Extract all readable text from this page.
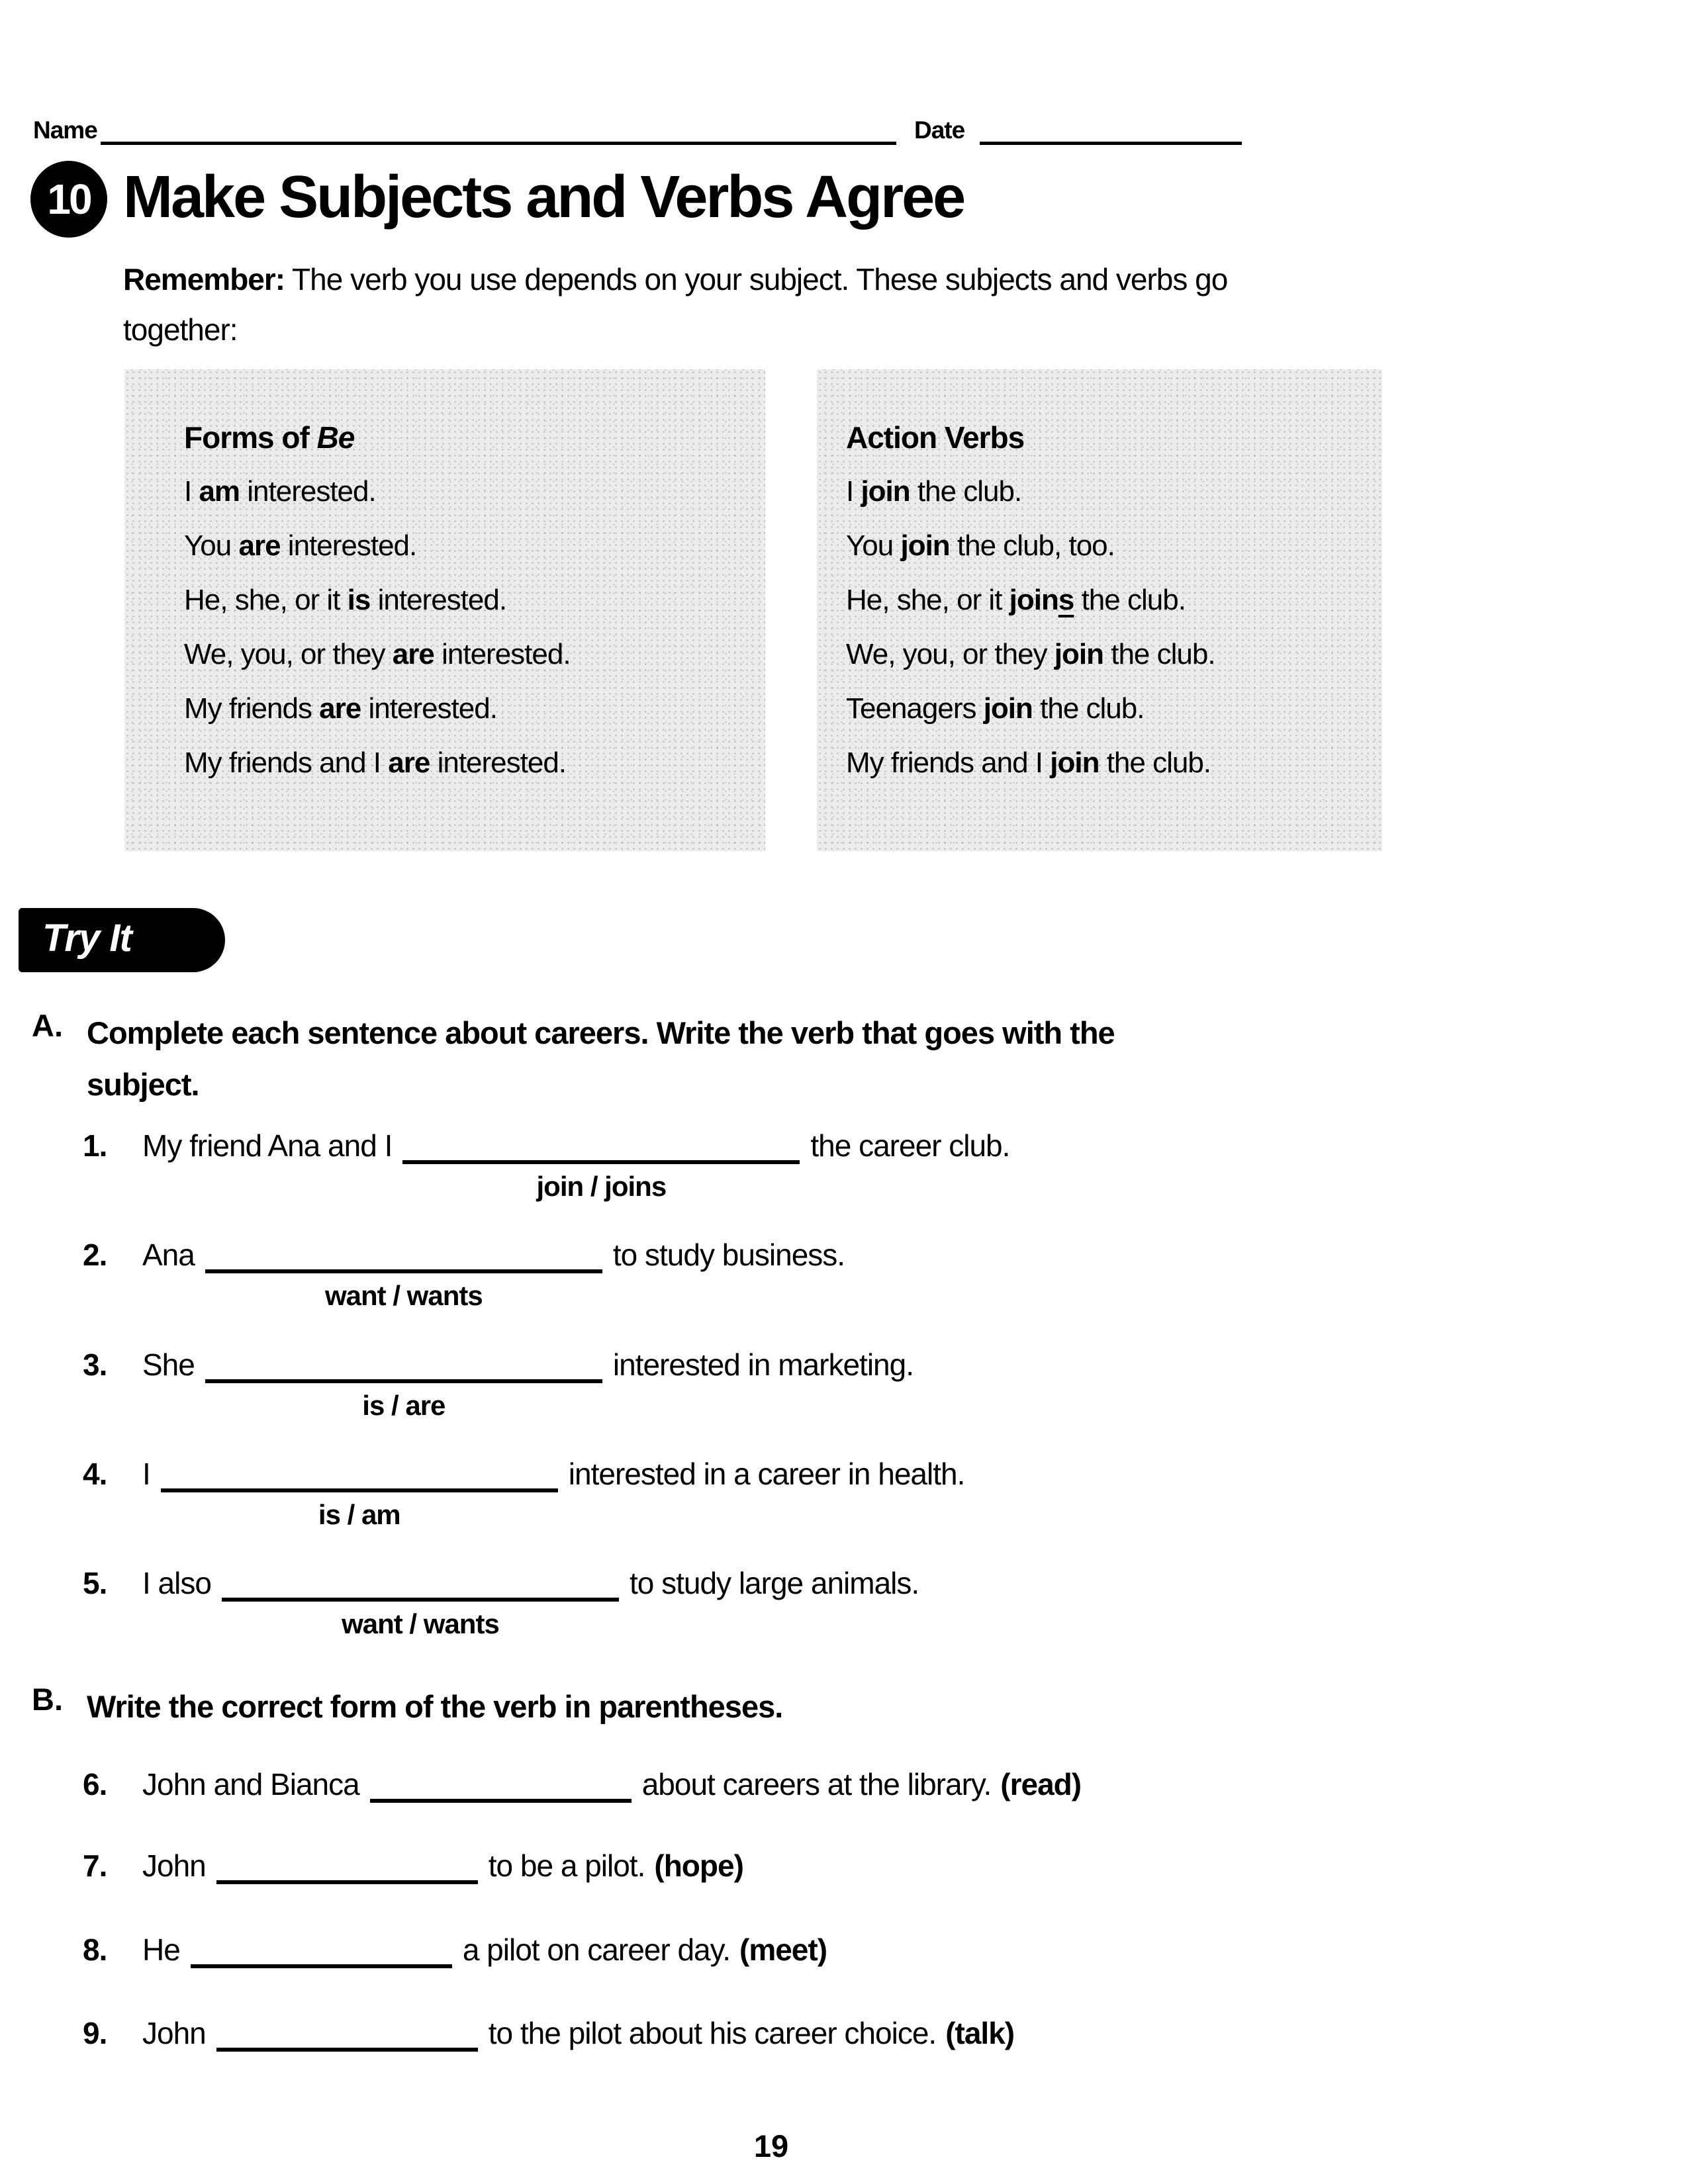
Name	Date
10 Make Subjects and Verbs Agree

Remember: The verb you use depends on your subject. These subjects and verbs go together:

Forms of Be
I am interested.
You are interested.
He, she, or it is interested.
We, you, or they are interested.
My friends are interested.
My friends and I are interested.
Action Verbs
I join the club.
You join the club, too.
He, she, or it joins the club.
We, you, or they join the club.
Teenagers join the club.
My friends and I join the club.
Try It
A. Complete each sentence about careers. Write the verb that goes with the subject.
1. My friend Ana and I
join / joins
the career club.
2. Ana
want / wants
to study business.
3. She
is / are
interested in marketing.
4. I
is / am
interested in a career in health.
5. I also
want / wants
to study large animals.
B. Write the correct form of the verb in parentheses.
6. John and Bianca	about careers at the library. (read)
7. John	to be a pilot. (hope)
8. He	a pilot on career day. (meet)
9. John	to the pilot about his career choice. (talk)
19
